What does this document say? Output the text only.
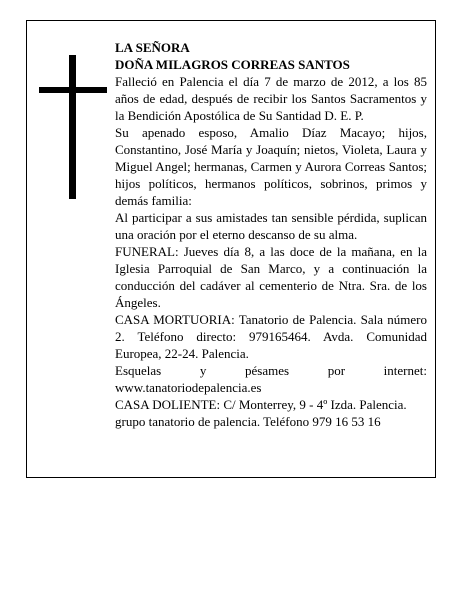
LA SEÑORA

DOÑA MILAGROS CORREAS SANTOS

Falleció en Palencia el día 7 de marzo de 2012, a los 85 años de edad, después de recibir los Santos Sacramentos y la Bendición Apostólica de Su Santidad D. E. P.

Su apenado esposo, Amalio Díaz Macayo; hijos, Constantino, José María y Joaquín; nietos, Violeta, Laura y Miguel Angel; hermanas, Carmen y Aurora Correas Santos; hijos políticos, hermanos políticos, sobrinos, primos y demás familia:

Al participar a sus amistades tan sensible pérdida, suplican una oración por el eterno descanso de su alma.

FUNERAL: Jueves día 8, a las doce de la mañana, en la Iglesia Parroquial de San Marco, y a continuación la conducción del cadáver al cementerio de Ntra. Sra. de los Ángeles.

CASA MORTUORIA: Tanatorio de Palencia. Sala número 2. Teléfono directo: 979165464. Avda. Comunidad Europea, 22-24. Palencia.

Esquelas y pésames por internet: www.tanatoriodepalencia.es

CASA DOLIENTE: C/ Monterrey, 9 - 4º Izda. Palencia.

grupo tanatorio de palencia. Teléfono 979 16 53 16
